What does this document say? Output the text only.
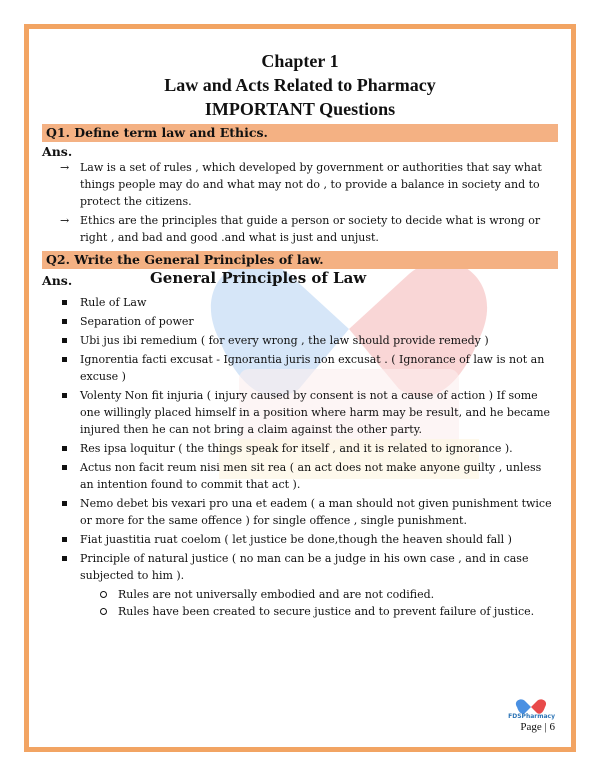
Chapter 1
Law and Acts Related to Pharmacy
IMPORTANT Questions
Q1. Define term law and Ethics.
Ans.
→ Law is a set of rules , which developed by government or authorities that say what things people may do and what may not do , to provide a balance in society and to protect the citizens.
→ Ethics are the principles that guide a person or society to decide what is wrong or right , and bad and good .and what is just and unjust.
Q2. Write the General Principles of law.
Ans.	General Principles of Law
Rule of Law
Separation of power
Ubi jus ibi remedium ( for every wrong , the law should provide remedy )
Ignorentia facti excusat - Ignorantia juris non excusat . ( Ignorance of law is not an excuse )
Volenty Non fit injuria ( injury caused by consent is not a cause of action ) If some one willingly placed himself in a position where harm may be result, and he became injured then he can not bring a claim against the other party.
Res ipsa loquitur ( the things speak for itself , and it is related to ignorance ).
Actus non facit reum nisi men sit rea ( an act does not make anyone guilty , unless an intention found to commit that act ).
Nemo debet bis vexari pro una et eadem ( a man should not given punishment twice or more for the same offence ) for single offence , single punishment.
Fiat juastitia ruat coelom ( let justice be done,though the heaven should fall )
Principle of natural justice ( no man can be a judge in his own case , and in case subjected to him ).
Rules are not universally embodied and are not codified.
Rules have been created to secure justice and to prevent failure of justice.
FDSPharmacy
Page | 6
